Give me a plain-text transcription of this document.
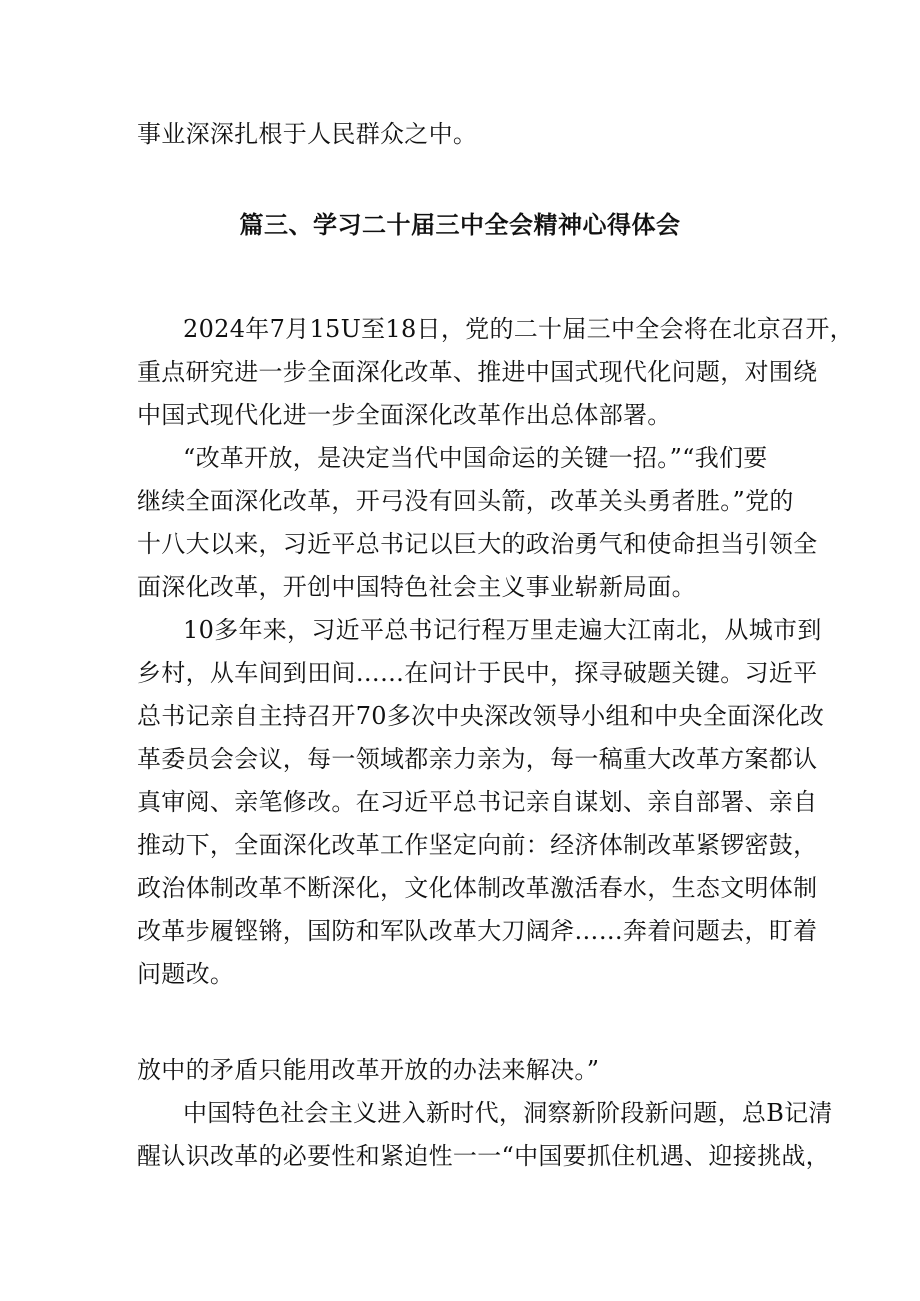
事业深深扎根于人民群众之中。
篇三、学习二十届三中全会精神心得体会
2024年7月15U至18日，党的二十届三中全会将在北京召开，
重点研究进一步全面深化改革、推进中国式现代化问题，对围绕
中国式现代化进一步全面深化改革作出总体部署。
“改革开放，是决定当代中国命运的关键一招。”“我们要
继续全面深化改革，开弓没有回头箭，改革关头勇者胜。”党的
十八大以来，习近平总书记以巨大的政治勇气和使命担当引领全
面深化改革，开创中国特色社会主义事业崭新局面。
10多年来，习近平总书记行程万里走遍大江南北，从城市到
乡村，从车间到田间……在问计于民中，探寻破题关键。习近平
总书记亲自主持召开70多次中央深改领导小组和中央全面深化改
革委员会会议，每一领域都亲力亲为，每一稿重大改革方案都认
真审阅、亲笔修改。在习近平总书记亲自谋划、亲自部署、亲自
推动下，全面深化改革工作坚定向前：经济体制改革紧锣密鼓，
政治体制改革不断深化，文化体制改革激活春水，生态文明体制
改革步履铿锵，国防和军队改革大刀阔斧……奔着问题去，盯着
问题改。
放中的矛盾只能用改革开放的办法来解决。”
中国特色社会主义进入新时代，洞察新阶段新问题，总B记清
醒认识改革的必要性和紧迫性一一“中国要抓住机遇、迎接挑战，
